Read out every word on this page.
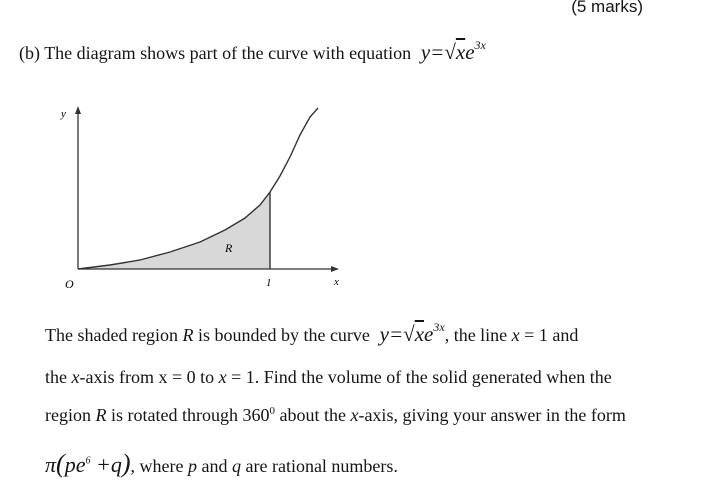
(5 marks)
(b) The diagram shows part of the curve with equation $y=√xe^{3x}$
y
x
O	1
R
The shaded region R is bounded by the curve $y=√xe^{3x}$, the line x = 1 and
the x-axis from x = 0 to x = 1. Find the volume of the solid generated when the
region R is rotated through $360^0$ about the x-axis, giving your answer in the form
$\pi(pe^6 +q)$, where p and q are rational numbers.
